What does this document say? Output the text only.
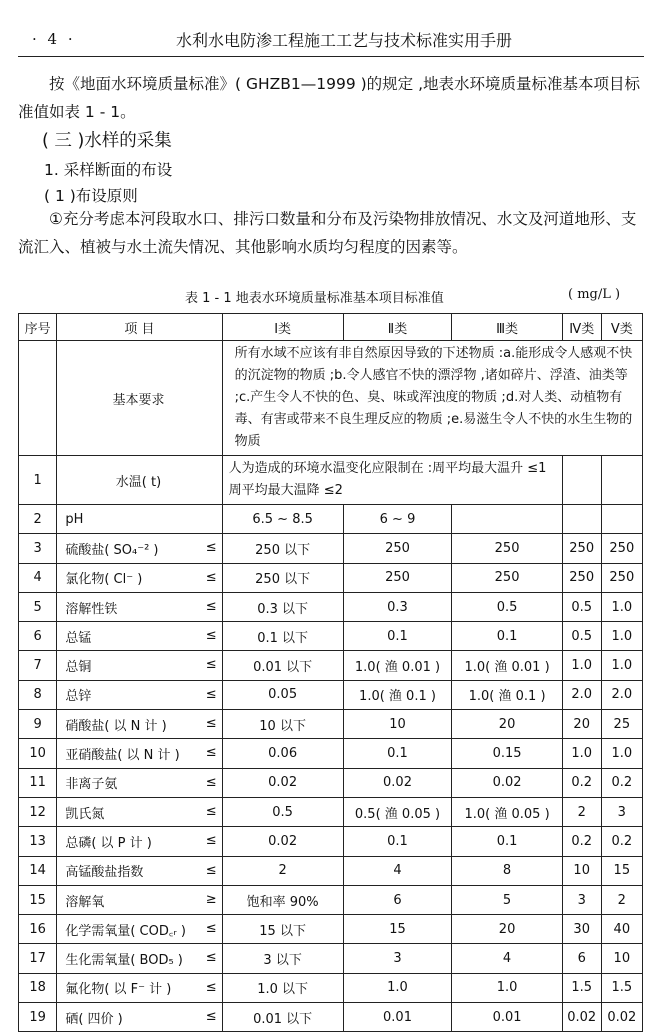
· 4 ·	水利水电防渗工程施工工艺与技术标准实用手册
按《地面水环境质量标准》( GHZB1—1999 )的规定 ,地表水环境质量标准基本项目标准值如表 1 - 1。
( 三 )水样的采集
1. 采样断面的布设
( 1 )布设原则
①充分考虑本河段取水口、排污口数量和分布及污染物排放情况、水文及河道地形、支流汇入、植被与水土流失情况、其他影响水质均匀程度的因素等。
表 1 - 1 地表水环境质量标准基本项目标准值	( mg/L )
序号	项 目	Ⅰ类	Ⅱ类	Ⅲ类	Ⅳ类	Ⅴ类
	基本要求	所有水域不应该有非自然原因导致的下述物质 :a.能形成令人感观不快的沉淀物的物质 ;b.令人感官不快的漂浮物 ,诸如碎片、浮渣、油类等 ;c.产生令人不快的色、臭、味或浑浊度的物质 ;d.对人类、动植物有毒、有害或带来不良生理反应的物质 ;e.易滋生令人不快的水生生物的物质				
1	水温( t)	人为造成的环境水温变化应限制在 :周平均最大温升 ≤1 周平均最大温降 ≤2				
2	pH	6.5 ~ 8.5	6 ~ 9			
3	硫酸盐( SO₄⁻² ) ≤	250 以下	250	250	250	250
4	氯化物( Cl⁻ ) ≤	250 以下	250	250	250	250
5	溶解性铁 ≤	0.3 以下	0.3	0.5	0.5	1.0
6	总锰 ≤	0.1 以下	0.1	0.1	0.5	1.0
7	总铜 ≤	0.01 以下	1.0( 渔 0.01 )	1.0( 渔 0.01 )	1.0	1.0
8	总锌 ≤	0.05	1.0( 渔 0.1 )	1.0( 渔 0.1 )	2.0	2.0
9	硝酸盐( 以 N 计 ) ≤	10 以下	10	20	20	25
10	亚硝酸盐( 以 N 计 ) ≤	0.06	0.1	0.15	1.0	1.0
11	非离子氨 ≤	0.02	0.02	0.02	0.2	0.2
12	凯氏氮 ≤	0.5	0.5( 渔 0.05 )	1.0( 渔 0.05 )	2	3
13	总磷( 以 P 计 ) ≤	0.02	0.1	0.1	0.2	0.2
14	高锰酸盐指数 ≤	2	4	8	10	15
15	溶解氧 ≥	饱和率 90%	6	5	3	2
16	化学需氧量( COD꜀ᵣ ) ≤	15 以下	15	20	30	40
17	生化需氧量( BOD₅ ) ≤	3 以下	3	4	6	10
18	氟化物( 以 F⁻ 计 ) ≤	1.0 以下	1.0	1.0	1.5	1.5
19	硒( 四价 ) ≤	0.01 以下	0.01	0.01	0.02	0.02
